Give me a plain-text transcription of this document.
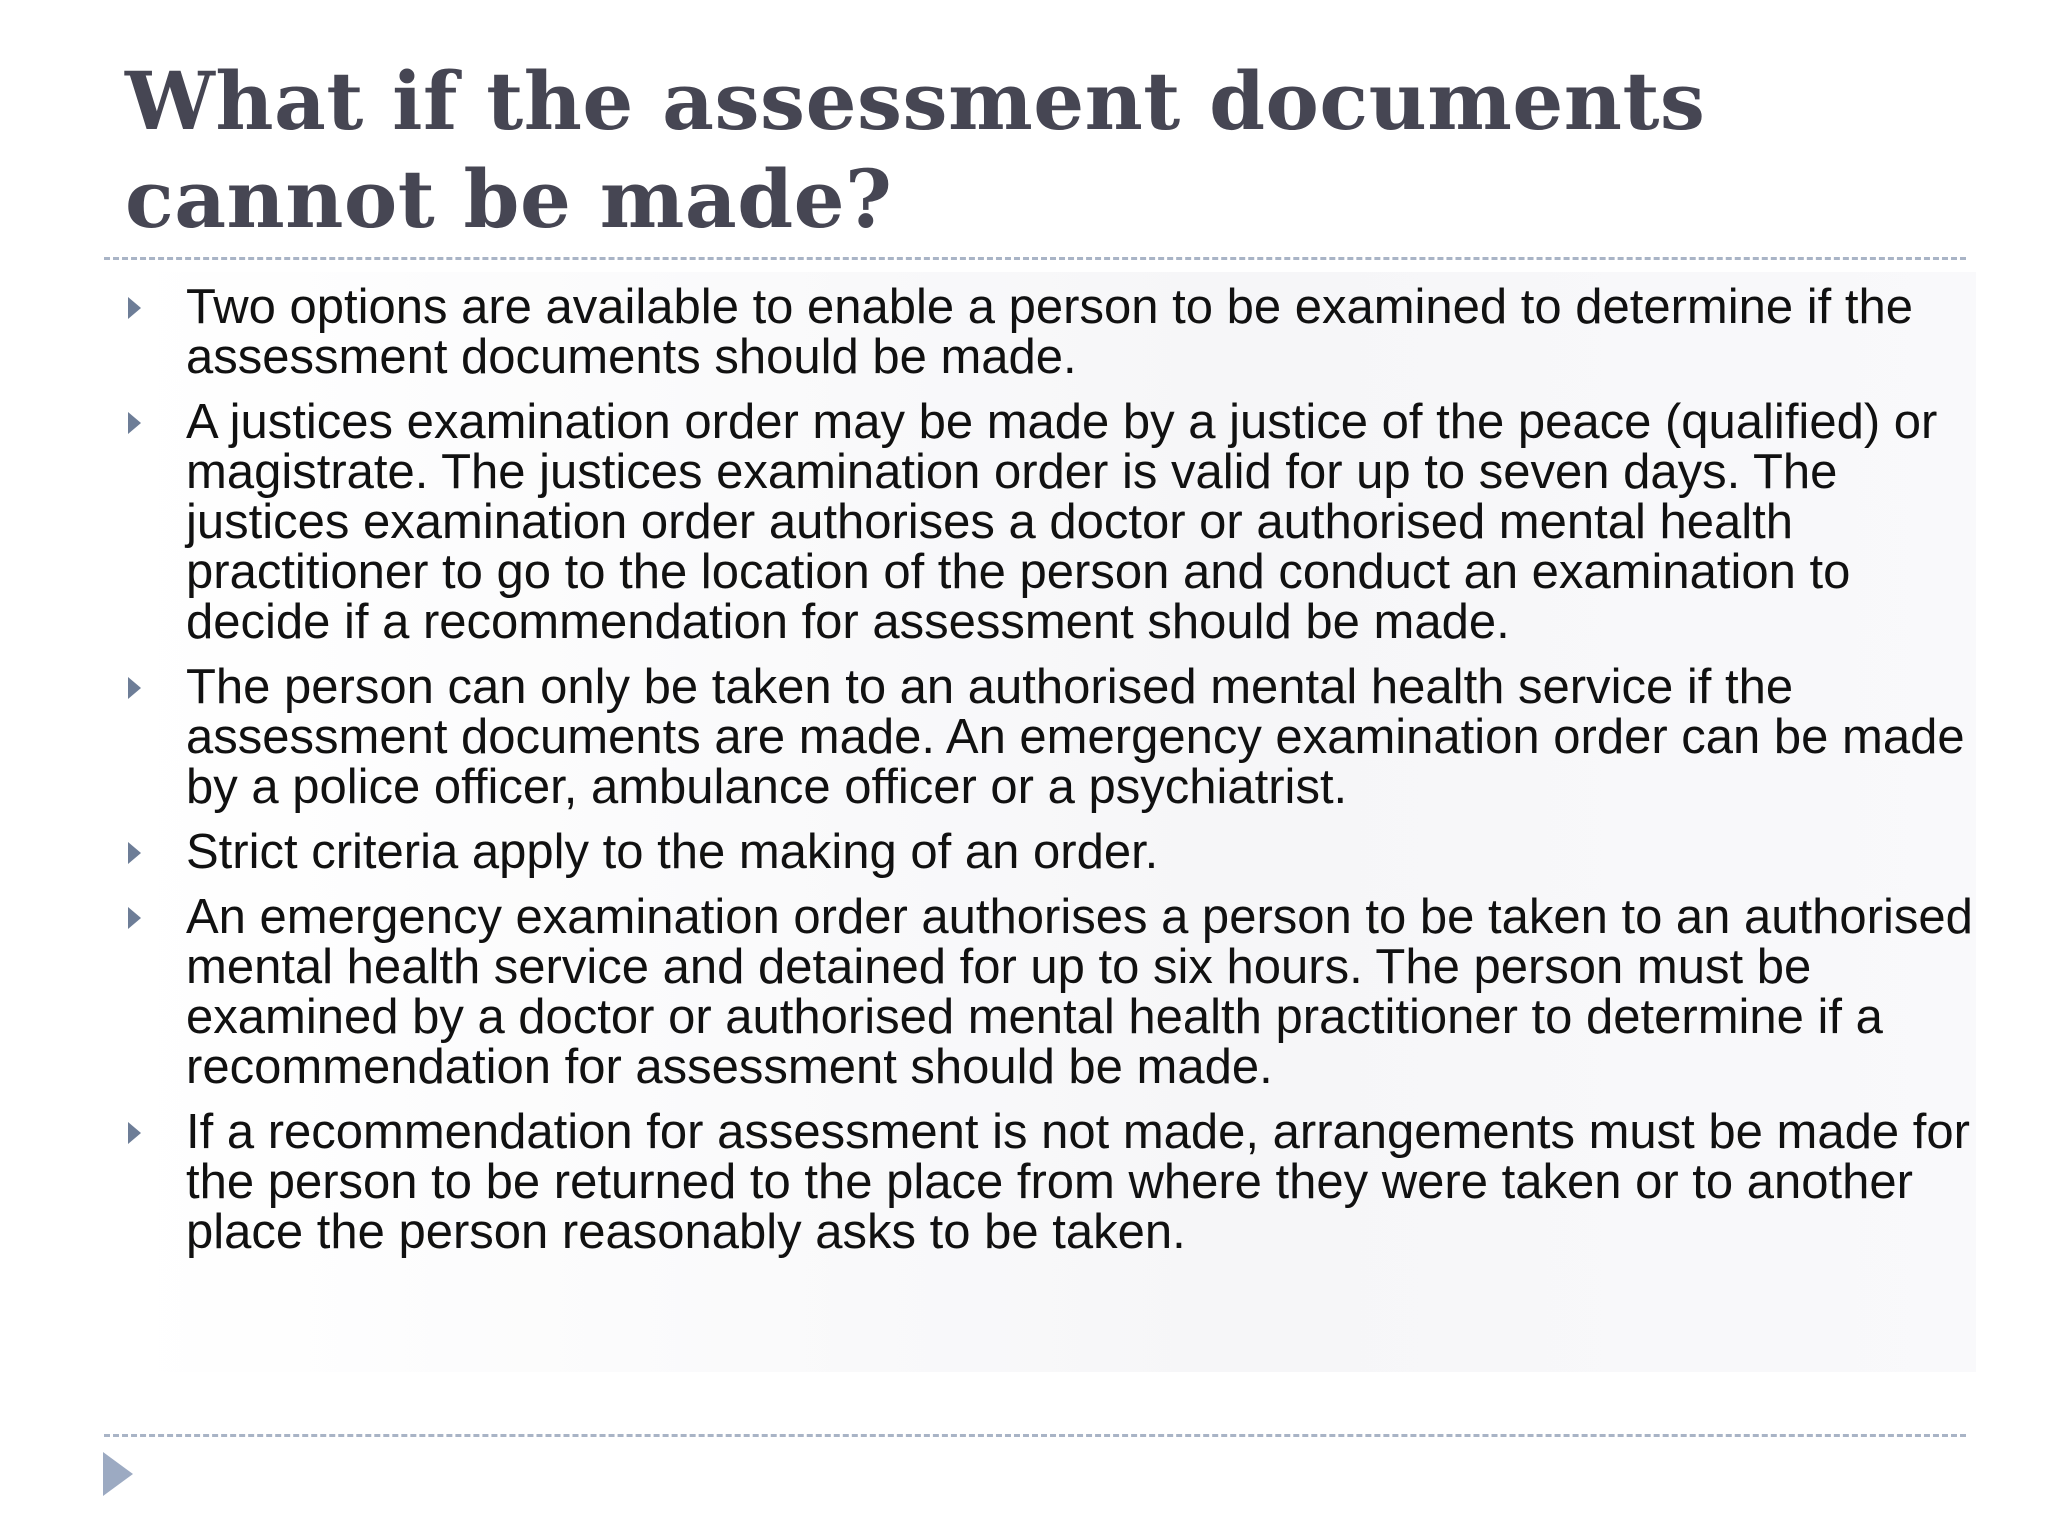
What if the assessment documents cannot be made?
Two options are available to enable a person to be examined to determine if the assessment documents should be made.
A justices examination order may be made by a justice of the peace (qualified) or magistrate. The justices examination order is valid for up to seven days. The justices examination order authorises a doctor or authorised mental health practitioner to go to the location of the person and conduct an examination to decide if a recommendation for assessment should be made.
The person can only be taken to an authorised mental health service if the assessment documents are made. An emergency examination order can be made by a police officer, ambulance officer or a psychiatrist.
Strict criteria apply to the making of an order.
An emergency examination order authorises a person to be taken to an authorised mental health service and detained for up to six hours. The person must be examined by a doctor or authorised mental health practitioner to determine if a recommendation for assessment should be made.
If a recommendation for assessment is not made, arrangements must be made for the person to be returned to the place from where they were taken or to another place the person reasonably asks to be taken.
